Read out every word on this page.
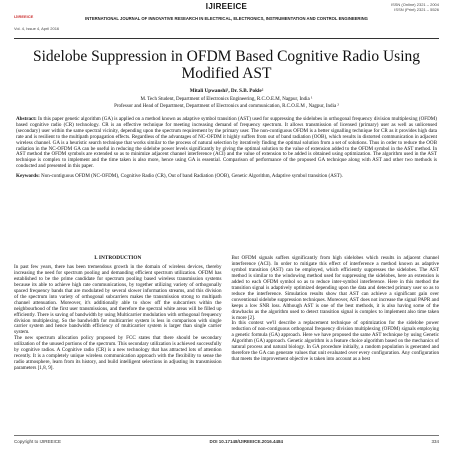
IJIREEICE
IJIREEICE	ISSN (Online) 2321 – 2004
ISSN (Print) 2321 – 5526
INTERNATIONAL JOURNAL OF INNOVATIVE RESEARCH IN ELECTRICAL, ELECTRONICS, INSTRUMENTATION AND CONTROL ENGINEERING
Vol. 4, Issue 4, April 2016
Sidelobe Suppression in OFDM Based Cognitive Radio Using Modified AST
Mitali Upwanshi¹, Dr. S.B. Pokle²
M. Tech Student, Department of Electronics Engineering, R.C.O.E.M, Nagpur, India ¹
Professor and Head of Department, Department of Electronics and communication, R.C.O.E.M , Nagpur, India ²
Abstract: In this paper genetic algorithm (GA) is applied on a method known as adaptive symbol transition (AST) used for suppressing the sidelobes in orthogonal frequency division multiplexing (OFDM) based cognitive radio (CR) technology. CR is an effective technique for meeting increasing demand of frequency spectrum. It allows transmission of licensed (primary) user as well as unlicensed (secondary) user within the same spectral vicinity, depending upon the spectrum requirement by the primary user. The non-contiguous OFDM is a better signalling technique for CR as it provides high data rate and is resilient to the multipath propagation effects. Regardless of the advantages of NC-OFDM it highly suffers from out of band radiation (OOB), which results in distorted communication in adjacent wireless channel. GA is a heuristic search technique that works similar to the process of natural selection by iteratively finding the optimal solution from a set of solutions. Thus in order to reduce the OOB radiation in the NC-OFDM GA can be useful in reducing the sidelobe power levels significantly by giving the optimal solution to the value of extension added to the OFDM symbol in the AST method. In AST method the OFDM symbols are extended so as to minimize adjacent channel interference (ACI) and the value of extension to be added is obtained using optimization. The algorithm used in the AST technique is complex to implement and the time taken is also more, hence using GA is essential. Comparison of performance of the proposed GA technique along with AST and other two methods is conducted and presented in this paper.
Keywords: Non-contiguous OFDM (NC-OFDM), Cognitive Radio (CR), Out of band Radiation (OOB), Genetic Algorithm, Adaptive symbol transition (AST).
I. INTRODUCTION
In past few years, there has been tremendous growth in the domain of wireless devices, thereby increasing the need for spectrum pooling and demanding efficient spectrum utilization. OFDM has established to be the prime candidate for spectrum pooling based wireless transmission systems because its able to achieve high rate communications, by together utilizing variety of orthogonally spaced frequency bands that are modulated by several slower information streams, and this division of the spectrum into variety of orthogonal subcarriers makes the transmission strong to multipath channel attenuation. Moreover, it's additionally able to show off the subcarriers within the neighbourhood of the first user transmissions, and therefore the spectral white areas will be filled up efficiently. There is saving of bandwidth by using Multicarrier modulation with orthogonal frequency division multiplexing. So the bandwidth for multicarrier system is less in comparison with single carrier system and hence bandwidth efficiency of multicarrier system is larger than single carrier system.
The new spectrum allocation policy proposed by FCC states that there should be secondary utilization of the unused portions of the spectrum. This secondary utilization is achieved successfully by cognitive radios. A Cognitive radio (CR) is a new technology that has attracted lots of attention recently. It is a completely unique wireless communication approach with the flexibility to sense the radio atmosphere, learn from its history, and build intelligent selections in adjusting its transmission parameters [1,8, 9].
But OFDM signals suffers significantly from high sidelobes which results in adjacent channel interference (ACI). In order to mitigate this effect of interference a method known as adaptive symbol transition (AST) can be employed, which efficiently suppresses the sidelobes. The AST method is similar to the windowing method used for suppressing the sidelobes, here an extension is added to each OFDM symbol so as to reduce inter-symbol interference. Here in this method the transition signal is adaptively optimized depending upon the data and detected primary user so as to reduce the interference. Simulation results show that AST can achieve a significant gain over conventional sidelobe suppression techniques. Moreover, AST does not increase the signal PAPR and keeps a low SNR loss. Although AST is one of the best methods, it is also having some of the drawbacks as the algorithm used to detect transition signal is complex to implement also time taken is more [2].
In this context we'll describe a replacement technique of optimization for the sidelobe power reduction of non-contiguous orthogonal frequency division multiplexing (OFDM) signals employing a genetic formula (GA) approach. Here we have proposed the same AST technique by using Genetic Algorithm (GA) approach. Genetic algorithm is a feature choice algorithm based on the mechanics of natural process and natural biology. In GA procedure initially, a random population is generated and therefore the GA can generate values that unit evaluated over every configuration. Any configuration that meets the improvement objective is taken into account as a best
Copyright to IJIREEICE	DOI 10.17148/IJIREEICE.2016.4484	334
